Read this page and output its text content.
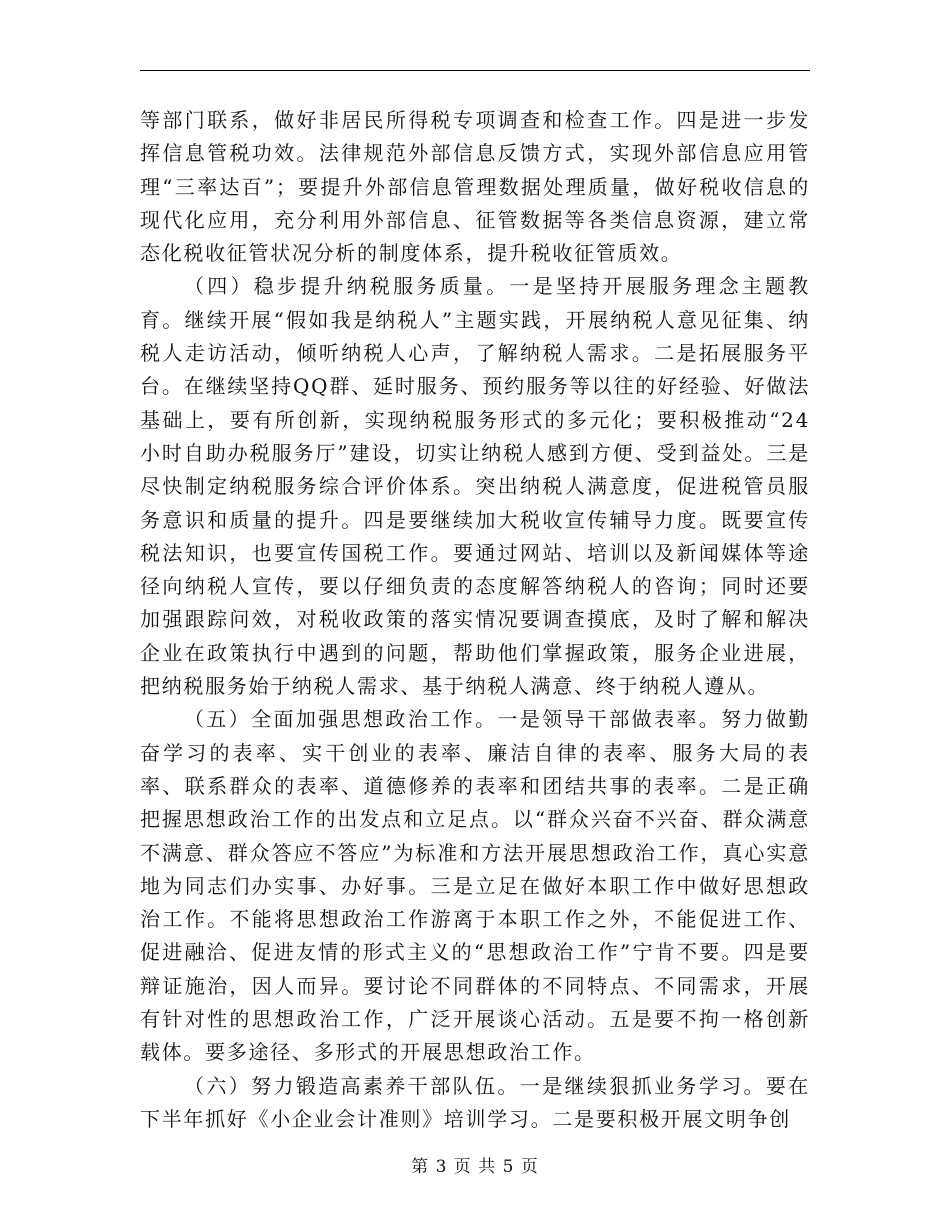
等部门联系，做好非居民所得税专项调查和检查工作。四是进一步发挥信息管税功效。法律规范外部信息反馈方式，实现外部信息应用管理“三率达百”；要提升外部信息管理数据处理质量，做好税收信息的现代化应用，充分利用外部信息、征管数据等各类信息资源，建立常态化税收征管状况分析的制度体系，提升税收征管质效。

（四）稳步提升纳税服务质量。一是坚持开展服务理念主题教育。继续开展“假如我是纳税人”主题实践，开展纳税人意见征集、纳税人走访活动，倾听纳税人心声，了解纳税人需求。二是拓展服务平台。在继续坚持QQ群、延时服务、预约服务等以往的好经验、好做法基础上，要有所创新，实现纳税服务形式的多元化；要积极推动“24小时自助办税服务厅”建设，切实让纳税人感到方便、受到益处。三是尽快制定纳税服务综合评价体系。突出纳税人满意度，促进税管员服务意识和质量的提升。四是要继续加大税收宣传辅导力度。既要宣传税法知识，也要宣传国税工作。要通过网站、培训以及新闻媒体等途径向纳税人宣传，要以仔细负责的态度解答纳税人的咨询；同时还要加强跟踪问效，对税收政策的落实情况要调查摸底，及时了解和解决企业在政策执行中遇到的问题，帮助他们掌握政策，服务企业进展，把纳税服务始于纳税人需求、基于纳税人满意、终于纳税人遵从。

（五）全面加强思想政治工作。一是领导干部做表率。努力做勤奋学习的表率、实干创业的表率、廉洁自律的表率、服务大局的表率、联系群众的表率、道德修养的表率和团结共事的表率。二是正确把握思想政治工作的出发点和立足点。以“群众兴奋不兴奋、群众满意不满意、群众答应不答应”为标准和方法开展思想政治工作，真心实意地为同志们办实事、办好事。三是立足在做好本职工作中做好思想政治工作。不能将思想政治工作游离于本职工作之外，不能促进工作、促进融洽、促进友情的形式主义的“思想政治工作”宁肯不要。四是要辩证施治，因人而异。要讨论不同群体的不同特点、不同需求，开展有针对性的思想政治工作，广泛开展谈心活动。五是要不拘一格创新载体。要多途径、多形式的开展思想政治工作。

（六）努力锻造高素养干部队伍。一是继续狠抓业务学习。要在下半年抓好《小企业会计准则》培训学习。二是要积极开展文明争创

第 3 页 共 5 页
